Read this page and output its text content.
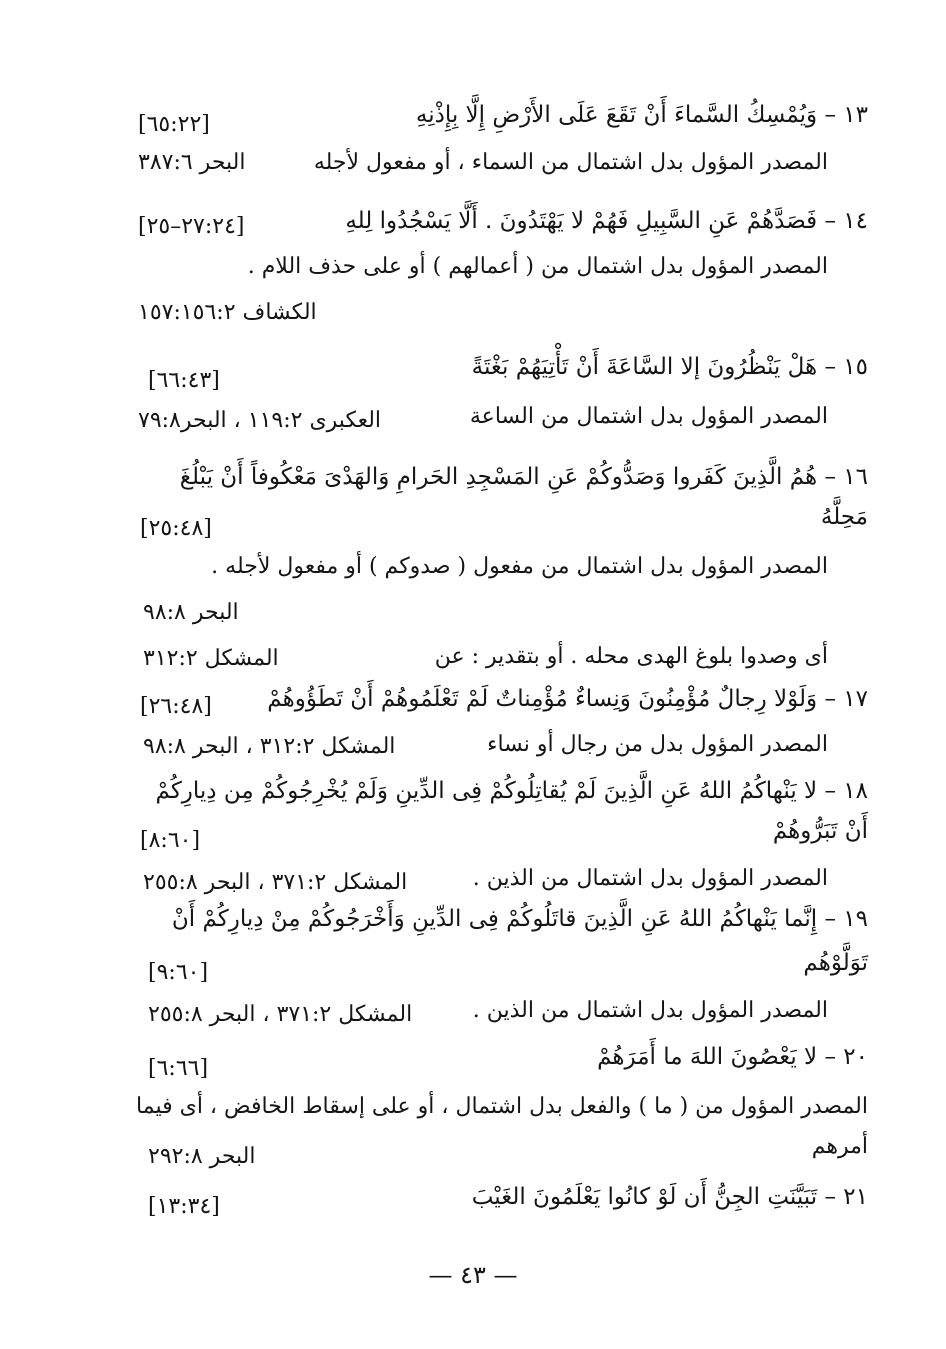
١٣ – وَيُمْسِكُ السَّماءَ أَنْ تَقَعَ عَلَى الأَرْضِ إِلَّا بِإِذْنِهِ
[٦٥:٢٢]
المصدر المؤول بدل اشتمال من السماء ، أو مفعول لأجله
البحر ٣٨٧:٦
١٤ – فَصَدَّهُمْ عَنِ السَّبِيلِ فَهُمْ لا يَهْتَدُونَ . أَلَّا يَسْجُدُوا لِلهِ
[٢٧:٢٤–٢٥]
المصدر المؤول بدل اشتمال من ( أعمالهم ) أو على حذف اللام .
الكشاف ١٥٧:١٥٦:٢
١٥ – هَلْ يَنْظُرُونَ إلا السَّاعَةَ أَنْ تَأْتِيَهُمْ بَغْتَةً
[٦٦:٤٣]
المصدر المؤول بدل اشتمال من الساعة
العكبرى ١١٩:٢ ، البحر٧٩:٨
١٦ – هُمُ الَّذِينَ كَفَروا وَصَدُّوكُمْ عَنِ المَسْجِدِ الحَرامِ وَالهَدْىَ مَعْكُوفاً أَنْ يَبْلُغَ
مَحِلَّهُ
[٢٥:٤٨]
المصدر المؤول بدل اشتمال من مفعول ( صدوكم ) أو مفعول لأجله .
البحر ٩٨:٨
أى وصدوا بلوغ الهدى محله . أو بتقدير : عن
المشكل ٣١٢:٢
١٧ – وَلَوْلا رِجالٌ مُؤْمِنُونَ وَنِساءٌ مُؤْمِناتٌ لَمْ تَعْلَمُوهُمْ أَنْ تَطَؤُوهُمْ
[٢٦:٤٨]
المصدر المؤول بدل من رجال أو نساء
المشكل ٣١٢:٢ ، البحر ٩٨:٨
١٨ – لا يَنْهاكُمُ اللهُ عَنِ الَّذِينَ لَمْ يُقاتِلُوكُمْ فِى الدِّينِ وَلَمْ يُخْرِجُوكُمْ مِن دِيارِكُمْ
أَنْ تَبَرُّوهُمْ
[٨:٦٠]
المصدر المؤول بدل اشتمال من الذين .
المشكل ٣٧١:٢ ، البحر ٢٥٥:٨
١٩ – إِنَّما يَنْهاكُمُ اللهُ عَنِ الَّذِينَ قاتَلُوكُمْ فِى الدِّينِ وَأَخْرَجُوكُمْ مِنْ دِيارِكُمْ أَنْ
تَوَلَّوْهُم
[٩:٦٠]
المصدر المؤول بدل اشتمال من الذين .
المشكل ٣٧١:٢ ، البحر ٢٥٥:٨
٢٠ – لا يَعْصُونَ اللهَ ما أَمَرَهُمْ
[٦:٦٦]
المصدر المؤول من ( ما ) والفعل بدل اشتمال ، أو على إسقاط الخافض ، أى فيما
أمرهم
البحر ٢٩٢:٨
٢١ – تَبَيَّنَتِ الجِنُّ أَن لَوْ كانُوا يَعْلَمُونَ الغَيْبَ
[١٣:٣٤]
— ٤٣ —
